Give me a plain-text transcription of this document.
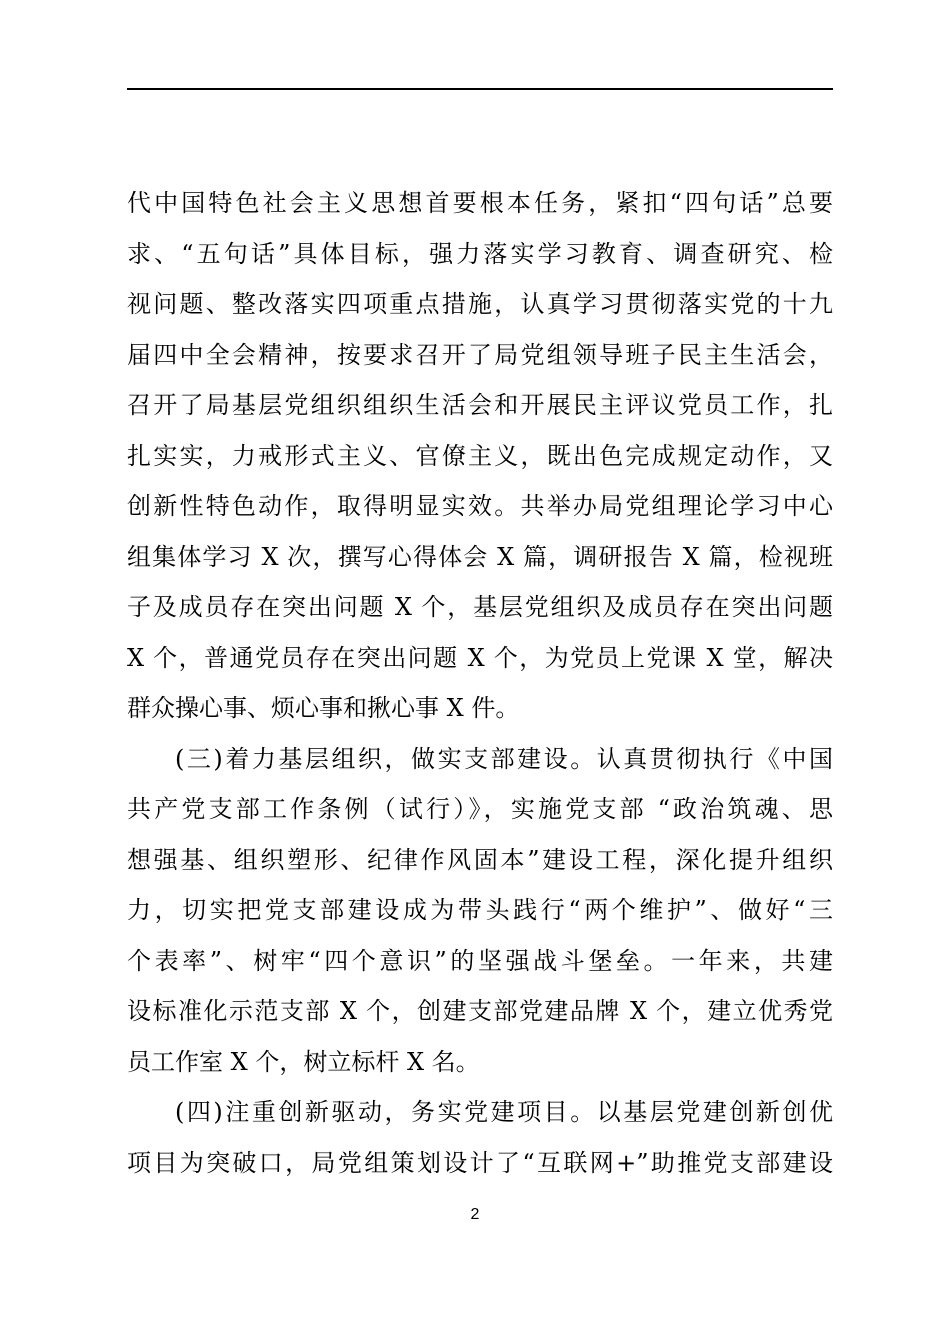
代中国特色社会主义思想首要根本任务，紧扣“四句话”总要
求、“五句话”具体目标，强力落实学习教育、调查研究、检
视问题、整改落实四项重点措施，认真学习贯彻落实党的十九
届四中全会精神，按要求召开了局党组领导班子民主生活会，
召开了局基层党组织组织生活会和开展民主评议党员工作，扎
扎实实，力戒形式主义、官僚主义，既出色完成规定动作，又
创新性特色动作，取得明显实效。共举办局党组理论学习中心
组集体学习 X 次，撰写心得体会 X 篇，调研报告 X 篇，检视班
子及成员存在突出问题 X 个，基层党组织及成员存在突出问题
X 个，普通党员存在突出问题 X 个，为党员上党课 X 堂，解决
群众操心事、烦心事和揪心事 X 件。
(三)着力基层组织，做实支部建设。认真贯彻执行《中国
共产党支部工作条例（试行）》，实施党支部 “政治筑魂、思
想强基、组织塑形、纪律作风固本”建设工程，深化提升组织
力，切实把党支部建设成为带头践行“两个维护”、做好“三
个表率”、树牢“四个意识”的坚强战斗堡垒。一年来，共建
设标准化示范支部 X 个，创建支部党建品牌 X 个，建立优秀党
员工作室 X 个，树立标杆 X 名。
(四)注重创新驱动，务实党建项目。以基层党建创新创优
项目为突破口，局党组策划设计了“互联网+”助推党支部建设
2
